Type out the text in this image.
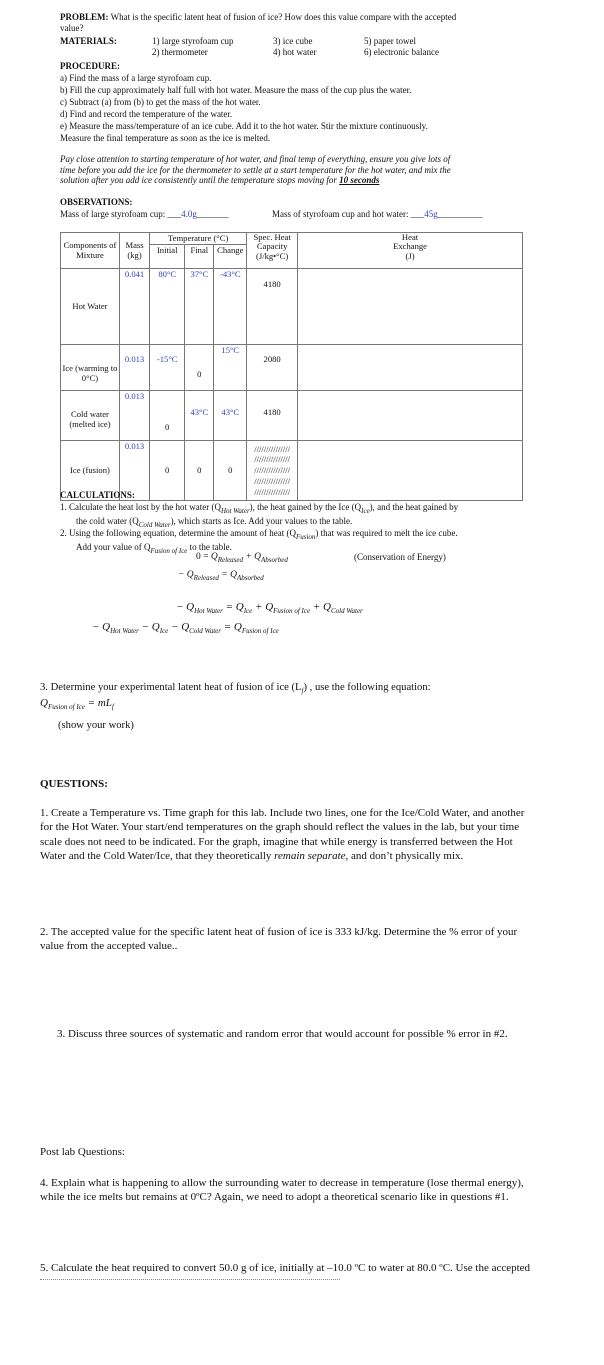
PROBLEM: What is the specific latent heat of fusion of ice? How does this value compare with the accepted
value?
MATERIALS:	1) large styrofoam cup
2) thermometer
3) ice cube
4) hot water
5) paper towel
6) electronic balance
PROCEDURE:
a) Find the mass of a large styrofoam cup.
b) Fill the cup approximately half full with hot water. Measure the mass of the cup plus the water.
c) Subtract (a) from (b) to get the mass of the hot water.
d) Find and record the temperature of the water.
e) Measure the mass/temperature of an ice cube. Add it to the hot water. Stir the mixture continuously.
Measure the final temperature as soon as the ice is melted.
Pay close attention to starting temperature of hot water, and final temp of everything, ensure you give lots of
time before you add the ice for the thermometer to settle at a start temperature for the hot water, and mix the
solution after you add ice consistently until the temperature stops moving for 10 seconds
OBSERVATIONS:
Mass of large styrofoam cup: ___4.0g_______	Mass of styrofoam cup and hot water: ___45g__________
Components of Mixture	Mass (kg)	Temperature (°C)			Spec. Heat Capacity (J/kg•°C)	Heat Exchange (J)
		Initial	Final	Change		
Hot Water	0.041	80°C	37°C	-43°C	4180	
Ice (warming to 0°C)	0.013	-15°C	0	15°C	2080	
Cold water (melted ice)	0.013	0	43°C	43°C	4180	
Ice (fusion)	0.013	0	0	0	///////////////
///////////////
///////////////
///////////////
///////////////	

CALCULATIONS:
1. Calculate the heat lost by the hot water $(Q_{Hot Water})$, the heat gained by the Ice $(Q_{Ice})$, and the heat gained by
the cold water $(Q_{Cold Water})$, which starts as Ice. Add your values to the table.
2. Using the following equation, determine the amount of heat $(Q_{Fusion})$ that was required to melt the ice cube.
Add your value of $Q_{Fusion of Ice}$ to the table.
$0 = Q_{Released} + Q_{Absorbed}$	(Conservation of Energy)
− $Q_{Released} = Q_{Absorbed}$
− $Q_{Hot Water} = Q_{Ice} + Q_{Fusion of Ice} + Q_{Cold Water}$
− $Q_{Hot Water} - Q_{Ice} - Q_{Cold Water} = Q_{Fusion of Ice}$
3. Determine your experimental latent heat of fusion of ice $(L_f)$ , use the following equation:
$Q_{Fusion of Ice} = mL_f$
(show your work)
QUESTIONS:
1. Create a Temperature vs. Time graph for this lab. Include two lines, one for the Ice/Cold Water, and another
for the Hot Water. Your start/end temperatures on the graph should reflect the values in the lab, but your time
scale does not need to be indicated. For the graph, imagine that while energy is transferred between the Hot
Water and the Cold Water/Ice, that they theoretically remain separate, and don’t physically mix.
2. The accepted value for the specific latent heat of fusion of ice is 333 kJ/kg. Determine the % error of your
value from the accepted value..
3. Discuss three sources of systematic and random error that would account for possible % error in #2.
Post lab Questions:
4. Explain what is happening to allow the surrounding water to decrease in temperature (lose thermal energy),
while the ice melts but remains at 0ºC? Again, we need to adopt a theoretical scenario like in questions #1.
5. Calculate the heat required to convert 50.0 g of ice, initially at –10.0 ºC to water at 80.0 ºC. Use the accepted
